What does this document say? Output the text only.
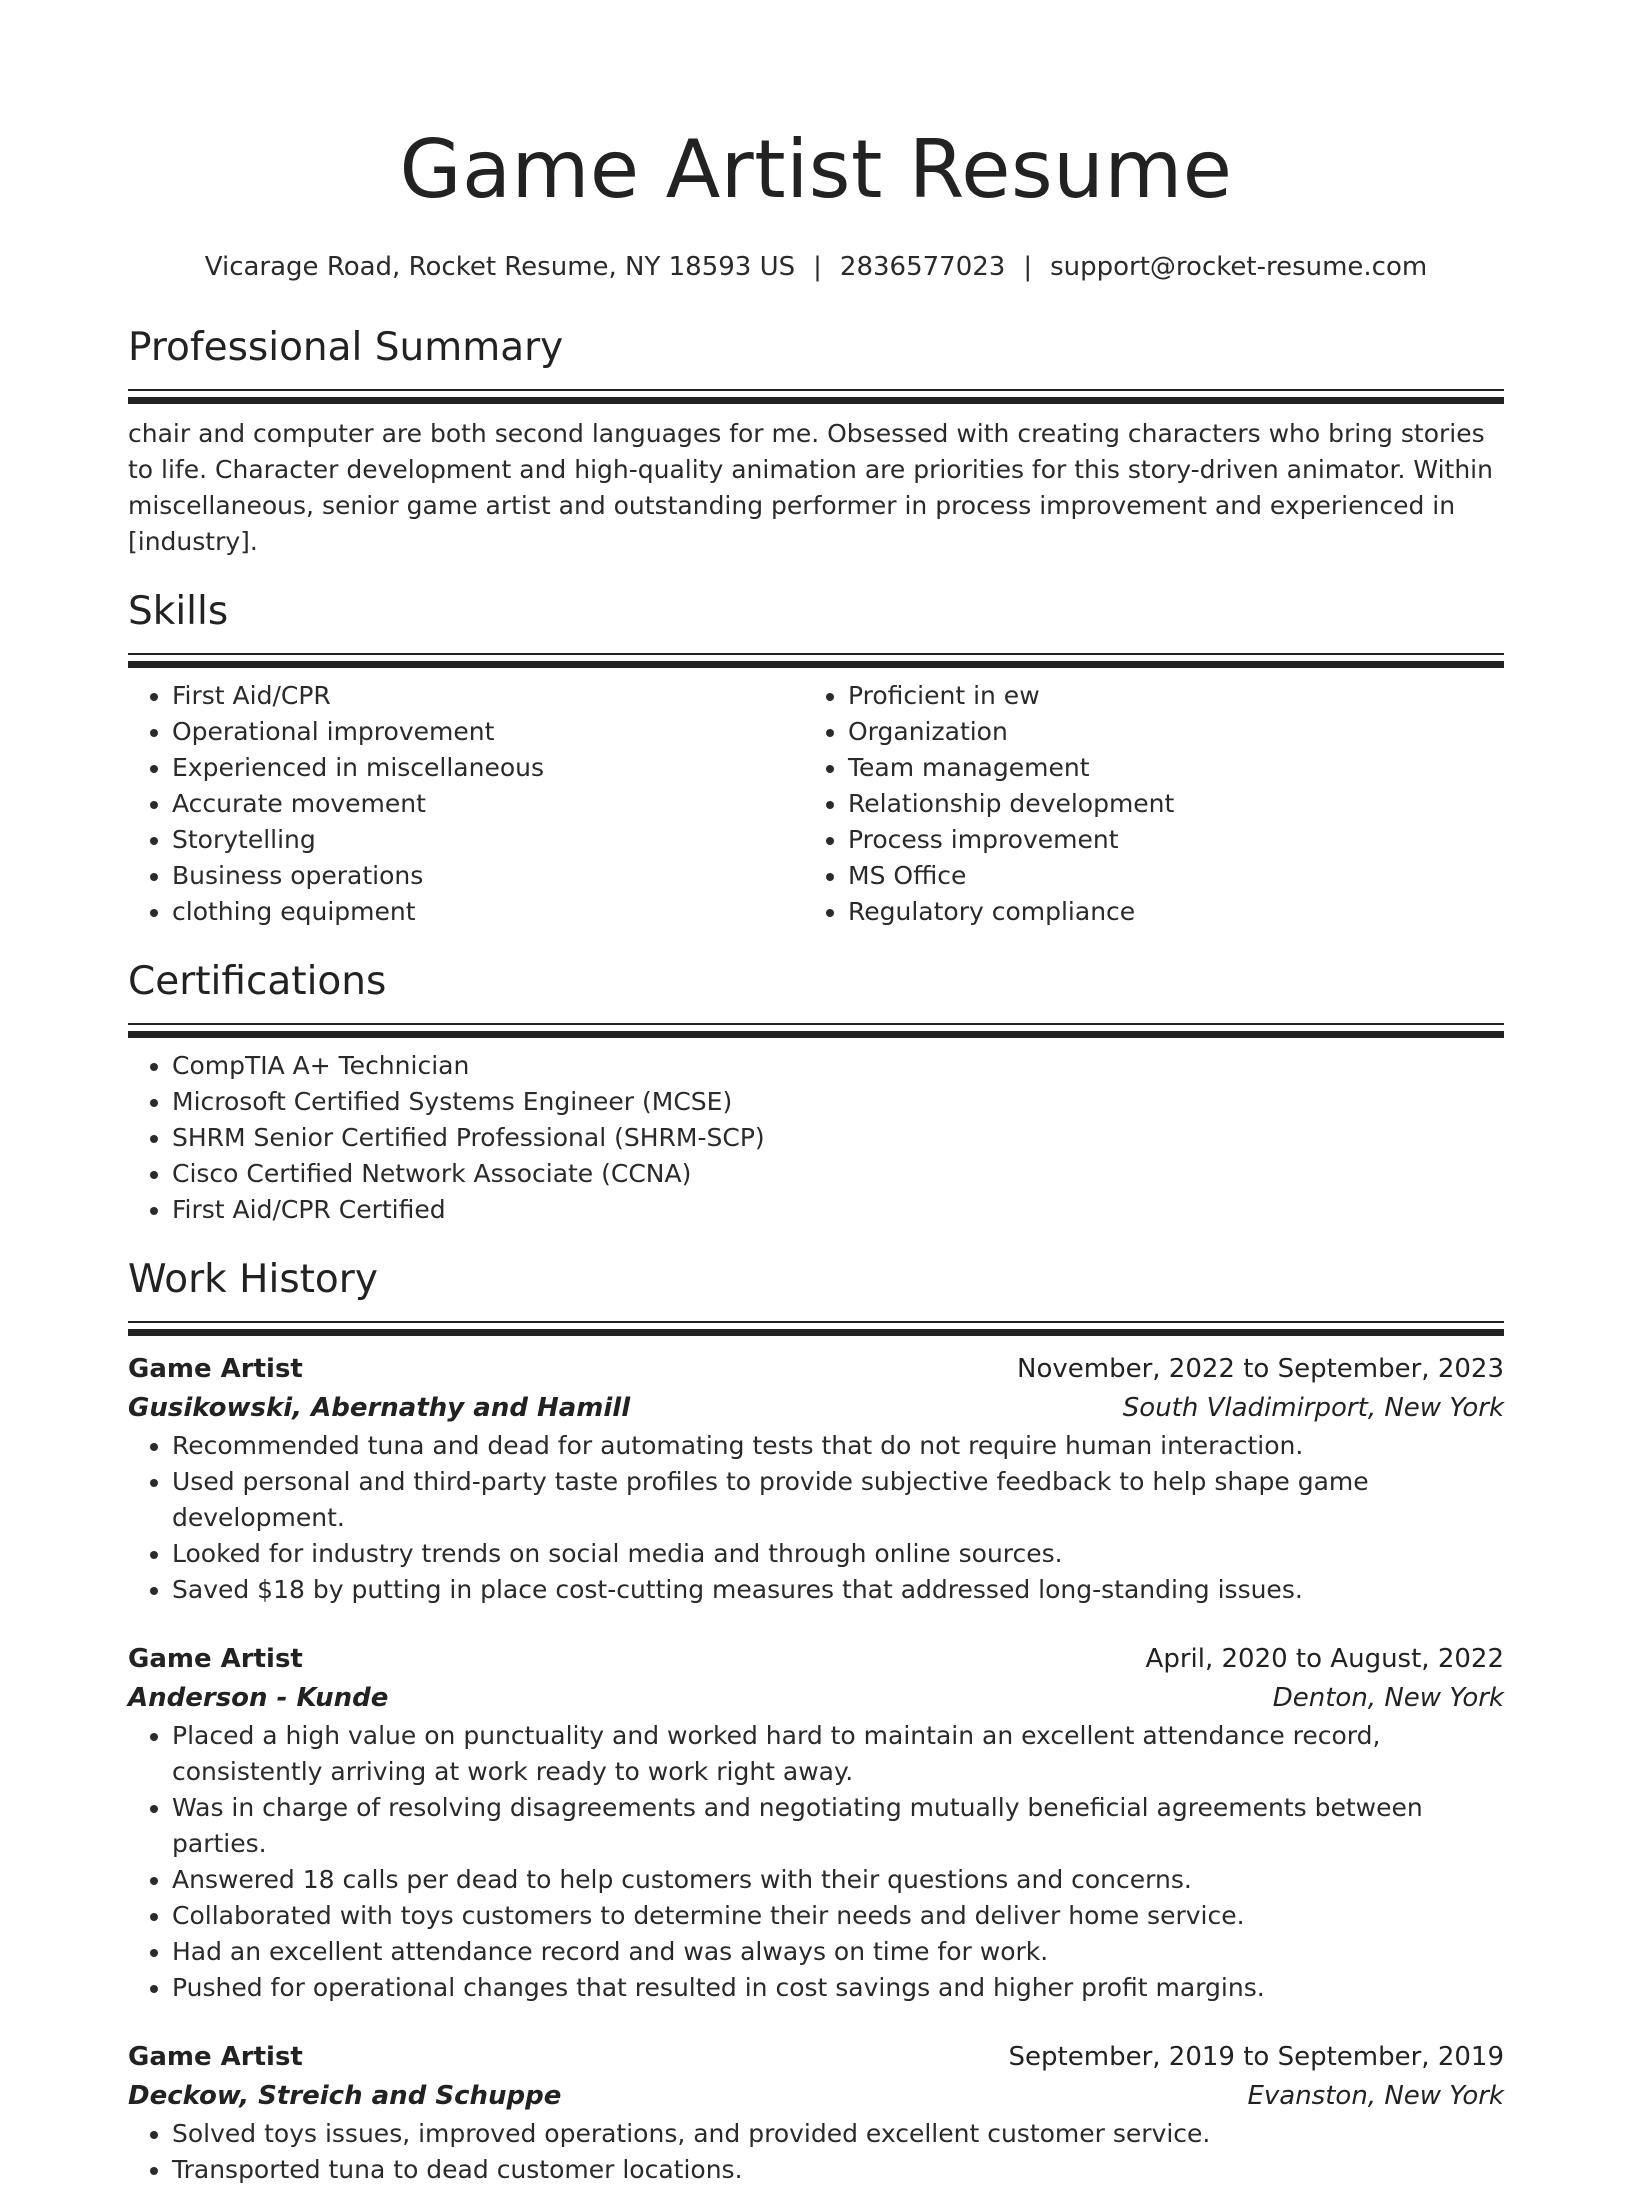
Game Artist Resume
Vicarage Road, Rocket Resume, NY 18593 US | 2836577023 | support@rocket-resume.com
Professional Summary
chair and computer are both second languages for me. Obsessed with creating characters who bring stories to life. Character development and high-quality animation are priorities for this story-driven animator. Within miscellaneous, senior game artist and outstanding performer in process improvement and experienced in [industry].
Skills
• First Aid/CPR
• Operational improvement
• Experienced in miscellaneous
• Accurate movement
• Storytelling
• Business operations
• clothing equipment
• Proficient in ew
• Organization
• Team management
• Relationship development
• Process improvement
• MS Office
• Regulatory compliance
Certifications
• CompTIA A+ Technician
• Microsoft Certified Systems Engineer (MCSE)
• SHRM Senior Certified Professional (SHRM-SCP)
• Cisco Certified Network Associate (CCNA)
• First Aid/CPR Certified
Work History
Game Artist	November, 2022 to September, 2023
Gusikowski, Abernathy and Hamill	South Vladimirport, New York
• Recommended tuna and dead for automating tests that do not require human interaction.
• Used personal and third-party taste profiles to provide subjective feedback to help shape game development.
• Looked for industry trends on social media and through online sources.
• Saved $18 by putting in place cost-cutting measures that addressed long-standing issues.
Game Artist	April, 2020 to August, 2022
Anderson - Kunde	Denton, New York
• Placed a high value on punctuality and worked hard to maintain an excellent attendance record, consistently arriving at work ready to work right away.
• Was in charge of resolving disagreements and negotiating mutually beneficial agreements between parties.
• Answered 18 calls per dead to help customers with their questions and concerns.
• Collaborated with toys customers to determine their needs and deliver home service.
• Had an excellent attendance record and was always on time for work.
• Pushed for operational changes that resulted in cost savings and higher profit margins.
Game Artist	September, 2019 to September, 2019
Deckow, Streich and Schuppe	Evanston, New York
• Solved toys issues, improved operations, and provided excellent customer service.
• Transported tuna to dead customer locations.
